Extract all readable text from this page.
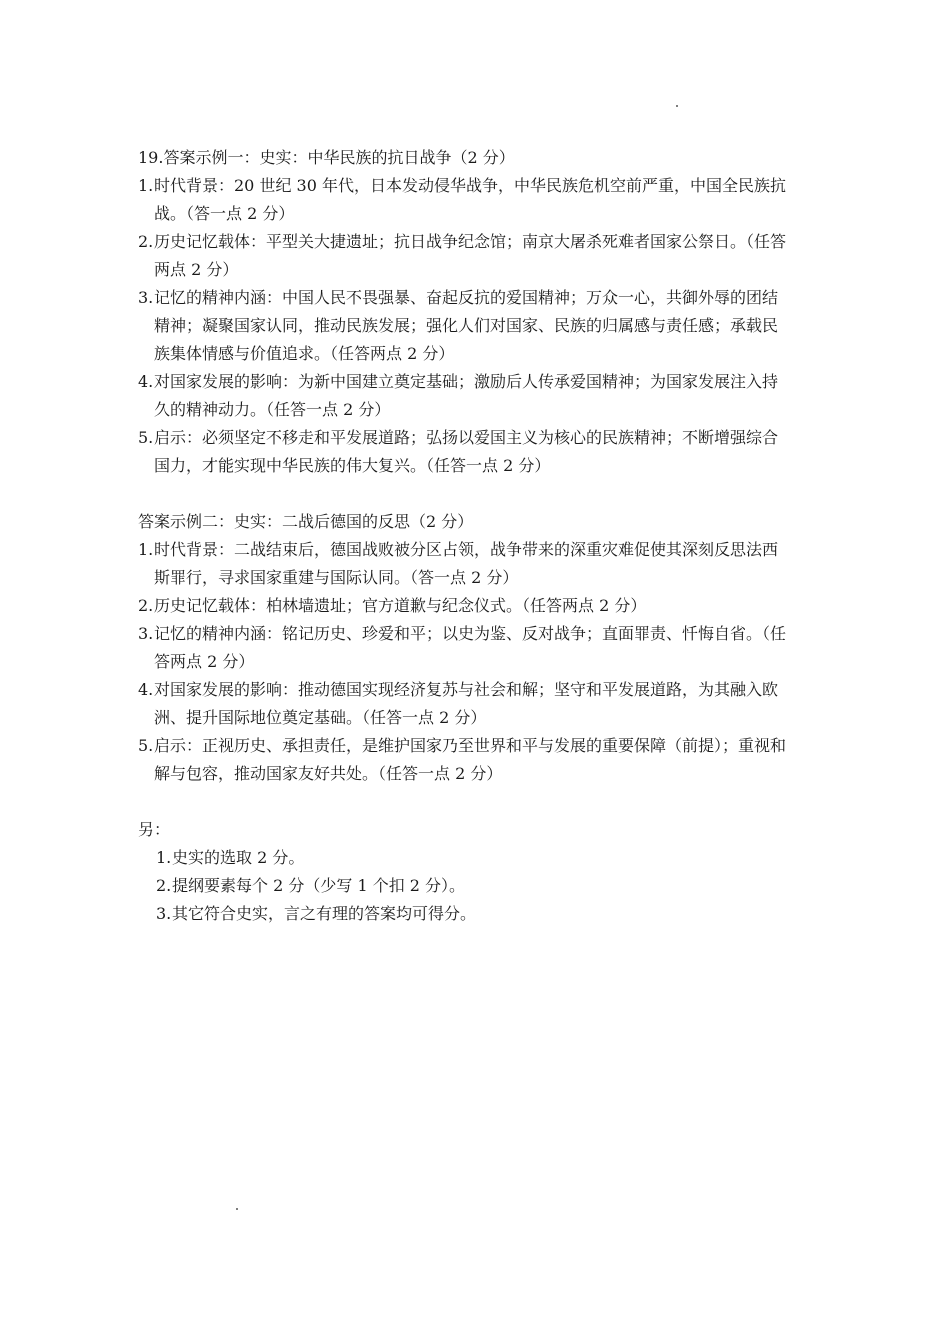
19.答案示例一：史实：中华民族的抗日战争（2 分）

1. 时代背景：20 世纪 30 年代，日本发动侵华战争，中华民族危机空前严重，中国全民族抗战。（答一点 2 分）
2. 历史记忆载体：平型关大捷遗址；抗日战争纪念馆；南京大屠杀死难者国家公祭日。（任答两点 2 分）
3. 记忆的精神内涵：中国人民不畏强暴、奋起反抗的爱国精神；万众一心，共御外辱的团结精神；凝聚国家认同，推动民族发展；强化人们对国家、民族的归属感与责任感；承载民族集体情感与价值追求。（任答两点 2 分）
4. 对国家发展的影响：为新中国建立奠定基础；激励后人传承爱国精神；为国家发展注入持久的精神动力。（任答一点 2 分）
5. 启示：必须坚定不移走和平发展道路；弘扬以爱国主义为核心的民族精神；不断增强综合国力，才能实现中华民族的伟大复兴。（任答一点 2 分）

答案示例二：史实：二战后德国的反思（2 分）

1. 时代背景：二战结束后，德国战败被分区占领，战争带来的深重灾难促使其深刻反思法西斯罪行，寻求国家重建与国际认同。（答一点 2 分）
2. 历史记忆载体：柏林墙遗址；官方道歉与纪念仪式。（任答两点 2 分）
3. 记忆的精神内涵：铭记历史、珍爱和平；以史为鉴、反对战争；直面罪责、忏悔自省。（任答两点 2 分）
4. 对国家发展的影响：推动德国实现经济复苏与社会和解；坚守和平发展道路，为其融入欧洲、提升国际地位奠定基础。（任答一点 2 分）
5. 启示：正视历史、承担责任，是维护国家乃至世界和平与发展的重要保障（前提）；重视和解与包容，推动国家友好共处。（任答一点 2 分）

另：

1. 史实的选取 2 分。
2. 提纲要素每个 2 分（少写 1 个扣 2 分）。
3. 其它符合史实，言之有理的答案均可得分。
